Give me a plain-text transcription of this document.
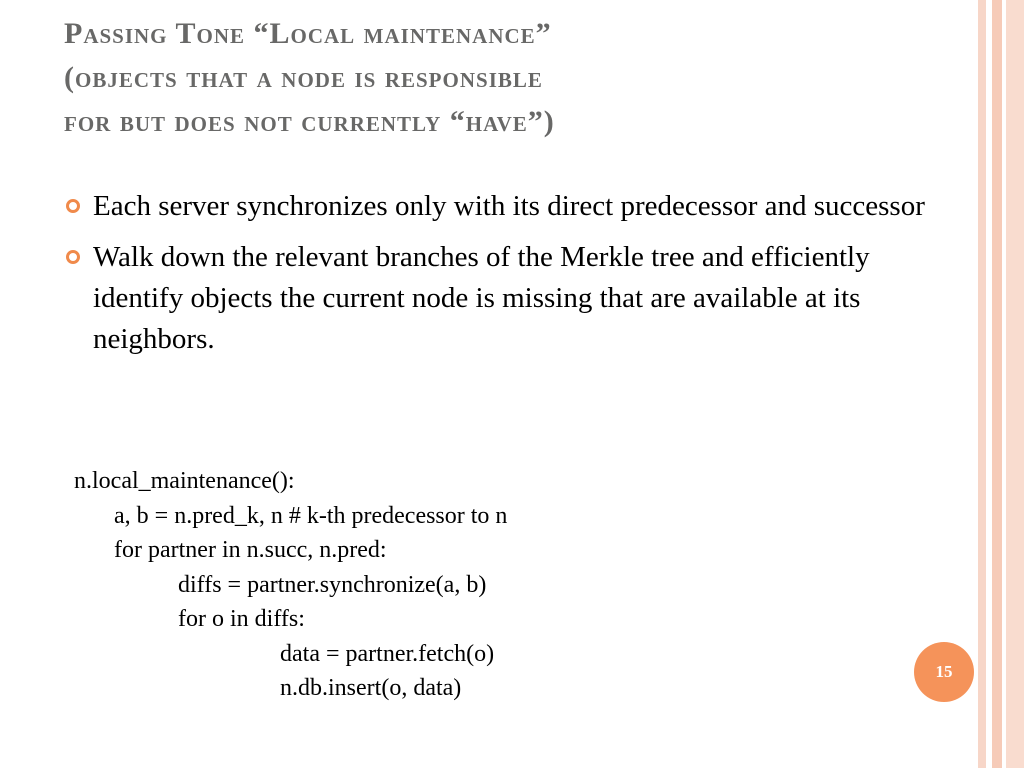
Passing Tone “Local maintenance”
(objects that a node is responsible
for but does not currently “have”)
Each server synchronizes only with its direct predecessor and successor
Walk down the relevant branches of the Merkle tree and efficiently identify objects the current node is missing that are available at its neighbors.
n.local_maintenance():
a, b = n.pred_k, n # k-th predecessor to n
for partner in n.succ, n.pred:
diffs = partner.synchronize(a, b)
for o in diffs:
data = partner.fetch(o)
n.db.insert(o, data)
15
